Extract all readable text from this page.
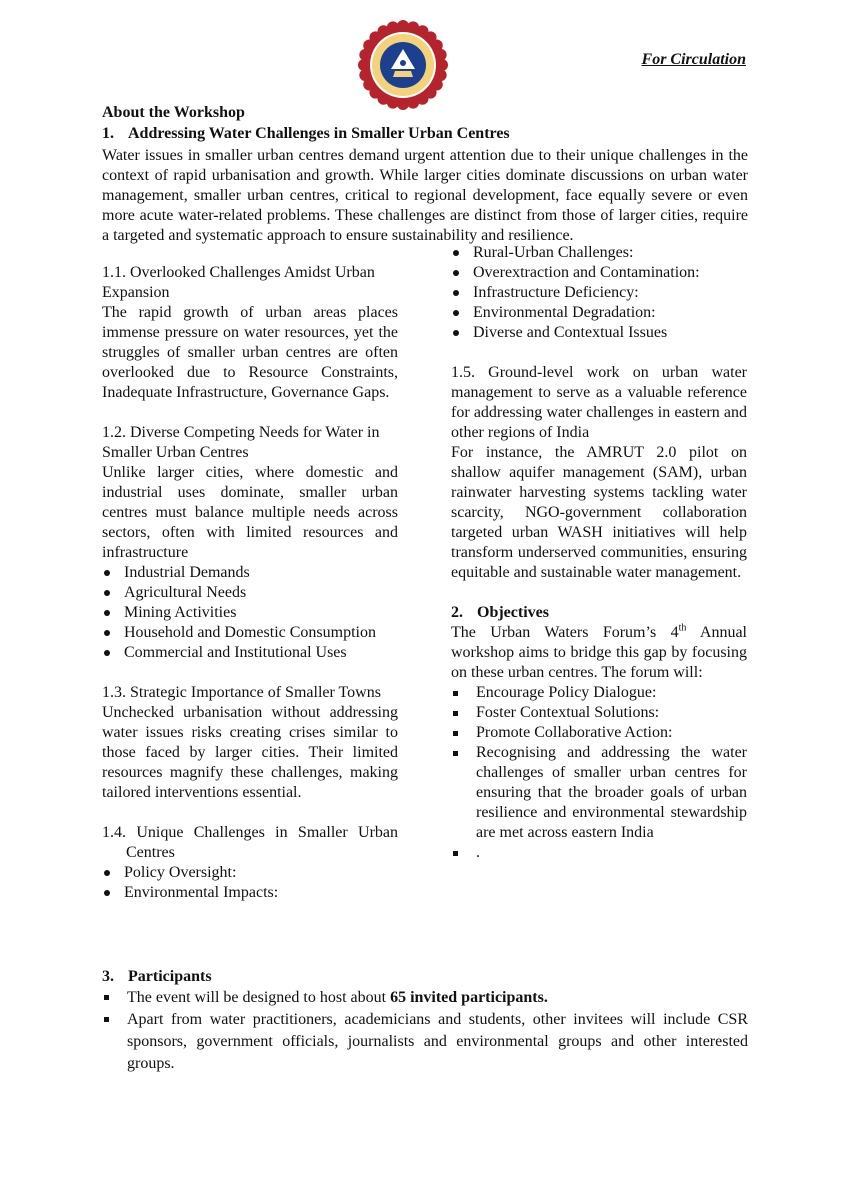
For Circulation
About the Workshop
1. Addressing Water Challenges in Smaller Urban Centres

Water issues in smaller urban centres demand urgent attention due to their unique challenges in the context of rapid urbanisation and growth. While larger cities dominate discussions on urban water management, smaller urban centres, critical to regional development, face equally severe or even more acute water-related problems. These challenges are distinct from those of larger cities, require a targeted and systematic approach to ensure sustainability and resilience.

1.1. Overlooked Challenges Amidst Urban Expansion

The rapid growth of urban areas places immense pressure on water resources, yet the struggles of smaller urban centres are often overlooked due to Resource Constraints, Inadequate Infrastructure, Governance Gaps.

1.2. Diverse Competing Needs for Water in Smaller Urban Centres

Unlike larger cities, where domestic and industrial uses dominate, smaller urban centres must balance multiple needs across sectors, often with limited resources and infrastructure

Industrial Demands
Agricultural Needs
Mining Activities
Household and Domestic Consumption
Commercial and Institutional Uses
1.3. Strategic Importance of Smaller Towns

Unchecked urbanisation without addressing water issues risks creating crises similar to those faced by larger cities. Their limited resources magnify these challenges, making tailored interventions essential.

1.4. Unique Challenges in Smaller Urban Centres
Policy Oversight:
Environmental Impacts:
Rural-Urban Challenges:
Overextraction and Contamination:
Infrastructure Deficiency:
Environmental Degradation:
Diverse and Contextual Issues

1.5. Ground-level work on urban water management to serve as a valuable reference for addressing water challenges in eastern and other regions of India

For instance, the AMRUT 2.0 pilot on shallow aquifer management (SAM), urban rainwater harvesting systems tackling water scarcity, NGO-government collaboration targeted urban WASH initiatives will help transform underserved communities, ensuring equitable and sustainable water management.

2. Objectives

The Urban Waters Forum’s 4th Annual workshop aims to bridge this gap by focusing on these urban centres. The forum will:

Encourage Policy Dialogue:
Foster Contextual Solutions:
Promote Collaborative Action:
Recognising and addressing the water challenges of smaller urban centres for ensuring that the broader goals of urban resilience and environmental stewardship are met across eastern India
.
3. Participants
The event will be designed to host about 65 invited participants.
Apart from water practitioners, academicians and students, other invitees will include CSR sponsors, government officials, journalists and environmental groups and other interested groups.
